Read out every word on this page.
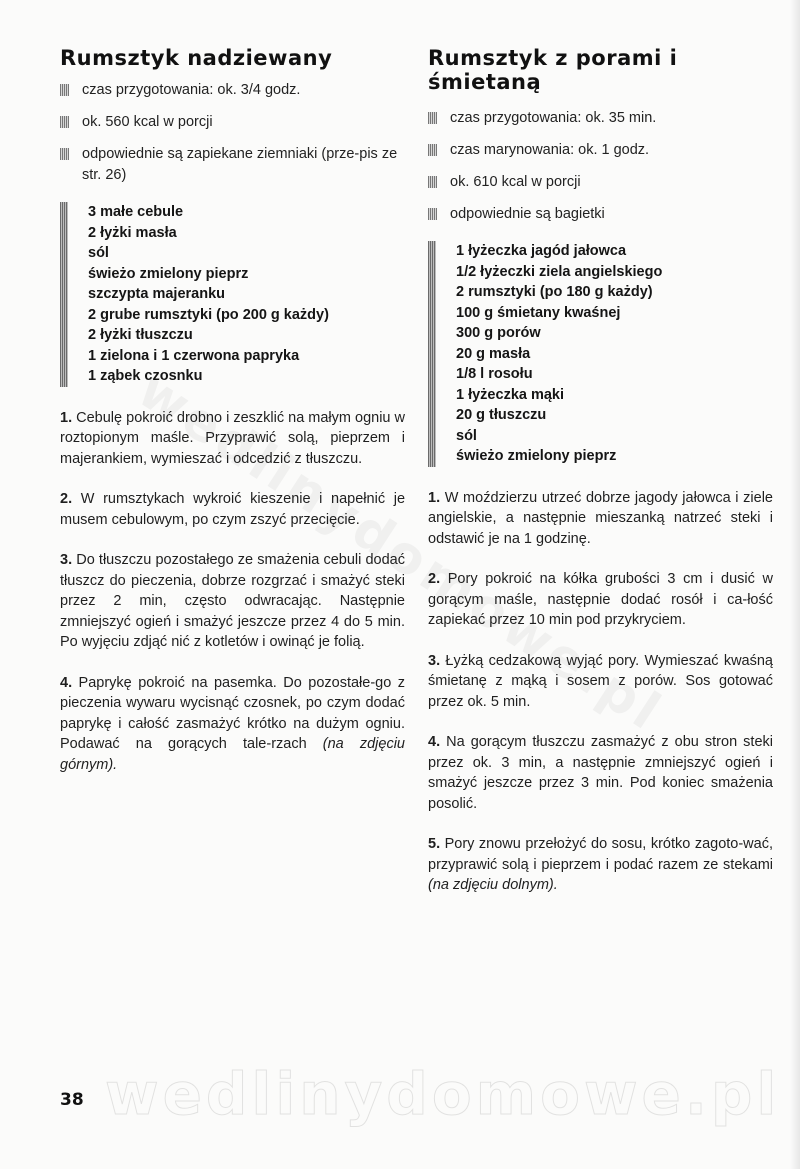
Rumsztyk nadziewany
czas przygotowania: ok. 3/4 godz.
ok. 560 kcal w porcji
odpowiednie są zapiekane ziemniaki (prze-pis ze str. 26)
3 małe cebule
2 łyżki masła
sól
świeżo zmielony pieprz
szczypta majeranku
2 grube rumsztyki (po 200 g każdy)
2 łyżki tłuszczu
1 zielona i 1 czerwona papryka
1 ząbek czosnku

1. Cebulę pokroić drobno i zeszklić na małym ogniu w roztopionym maśle. Przyprawić solą, pieprzem i majerankiem, wymieszać i odcedzić z tłuszczu.

2. W rumsztykach wykroić kieszenie i napełnić je musem cebulowym, po czym zszyć przecięcie.

3. Do tłuszczu pozostałego ze smażenia cebuli dodać tłuszcz do pieczenia, dobrze rozgrzać i smażyć steki przez 2 min, często odwracając. Następnie zmniejszyć ogień i smażyć jeszcze przez 4 do 5 min. Po wyjęciu zdjąć nić z kotletów i owinąć je folią.

4. Paprykę pokroić na pasemka. Do pozostałe-go z pieczenia wywaru wycisnąć czosnek, po czym dodać paprykę i całość zasmażyć krótko na dużym ogniu. Podawać na gorących tale-rzach (na zdjęciu górnym).

Rumsztyk z porami i śmietaną
czas przygotowania: ok. 35 min.
czas marynowania: ok. 1 godz.
ok. 610 kcal w porcji
odpowiednie są bagietki
1 łyżeczka jagód jałowca
1/2 łyżeczki ziela angielskiego
2 rumsztyki (po 180 g każdy)
100 g śmietany kwaśnej
300 g porów
20 g masła
1/8 l rosołu
1 łyżeczka mąki
20 g tłuszczu
sól
świeżo zmielony pieprz

1. W moździerzu utrzeć dobrze jagody jałowca i ziele angielskie, a następnie mieszanką natrzeć steki i odstawić je na 1 godzinę.

2. Pory pokroić na kółka grubości 3 cm i dusić w gorącym maśle, następnie dodać rosół i ca-łość zapiekać przez 10 min pod przykryciem.

3. Łyżką cedzakową wyjąć pory. Wymieszać kwaśną śmietanę z mąką i sosem z porów. Sos gotować przez ok. 5 min.

4. Na gorącym tłuszczu zasmażyć z obu stron steki przez ok. 3 min, a następnie zmniejszyć ogień i smażyć jeszcze przez 3 min. Pod koniec smażenia posolić.

5. Pory znowu przełożyć do sosu, krótko zagoto-wać, przyprawić solą i pieprzem i podać razem ze stekami (na zdjęciu dolnym).

38 wedlinydomowe.pl
